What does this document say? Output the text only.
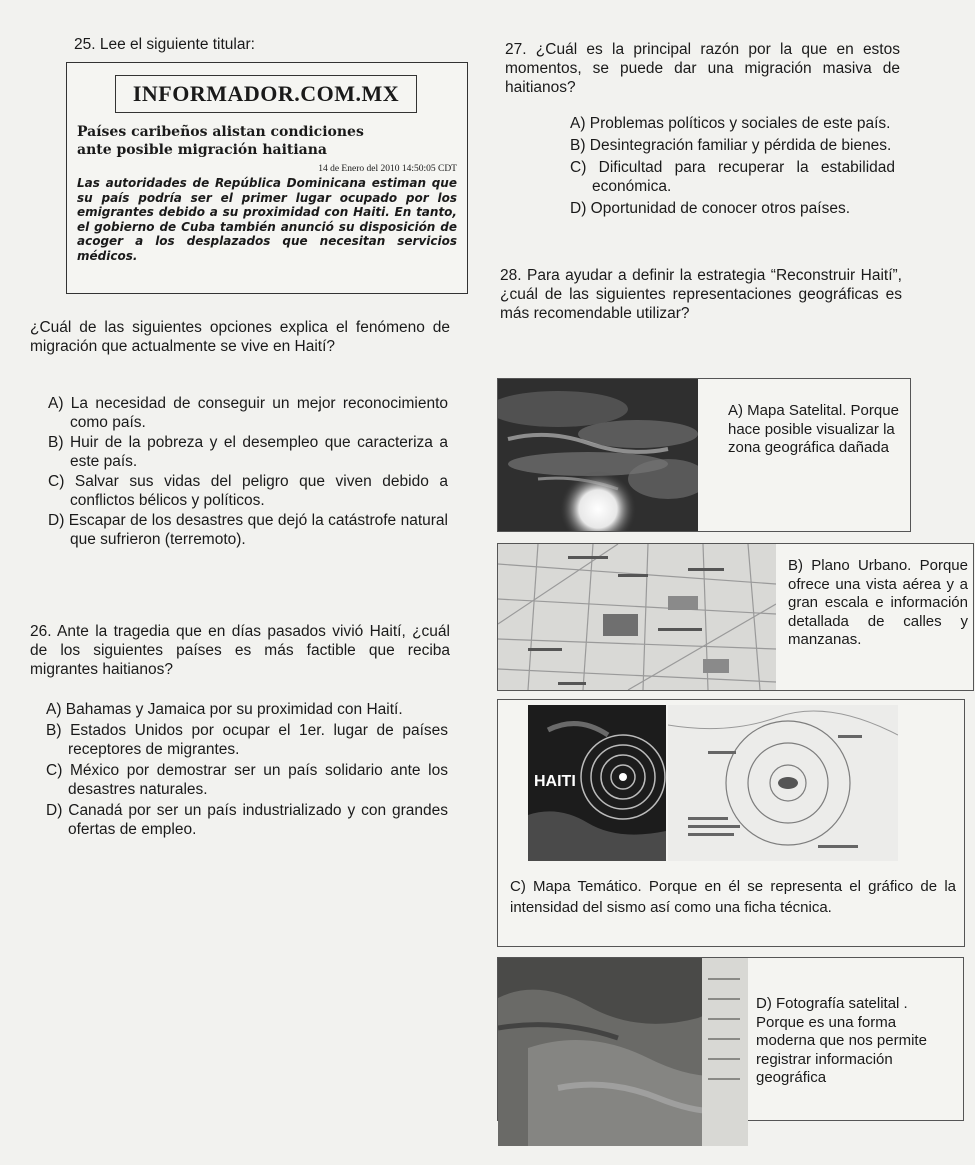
25. Lee el siguiente titular:
INFORMADOR.COM.MX
Países caribeños alistan condiciones
ante posible migración haitiana
14 de Enero del 2010 14:50:05 CDT
Las autoridades de República Dominicana estiman que su país podría ser el primer lugar ocupado por los emigrantes debido a su proximidad con Haiti. En tanto, el gobierno de Cuba también anunció su disposición de acoger a los desplazados que necesitan servicios médicos.
¿Cuál de las siguientes opciones explica el fenómeno de migración que actualmente se vive en Haití?
A) La necesidad de conseguir un mejor reconocimiento como país.
B) Huir de la pobreza y el desempleo que caracteriza a este país.
C) Salvar sus vidas del peligro que viven debido a conflictos bélicos y políticos.
D) Escapar de los desastres que dejó la catástrofe natural que sufrieron (terremoto).
26. Ante la tragedia que en días pasados vivió Haití, ¿cuál de los siguientes países es más factible que reciba migrantes haitianos?
A) Bahamas y Jamaica por su proximidad con Haití.
B) Estados Unidos por ocupar el 1er. lugar de países receptores de migrantes.
C) México por demostrar ser un país solidario ante los desastres naturales.
D) Canadá por ser un país industrializado y con grandes ofertas de empleo.
27. ¿Cuál es la principal razón por la que en estos momentos, se puede dar una migración masiva de haitianos?
A) Problemas políticos y sociales de este país.
B) Desintegración familiar y pérdida de bienes.
C) Dificultad para recuperar la estabilidad económica.
D) Oportunidad de conocer otros países.
28. Para ayudar a definir la estrategia “Reconstruir Haití”, ¿cuál de las siguientes representaciones geográficas es más recomendable utilizar?
A) Mapa Satelital. Porque hace posible visualizar la zona geográfica dañada
B) Plano Urbano. Porque ofrece una vista aérea y a gran escala e información detallada de calles y manzanas.
HAITI
C) Mapa Temático. Porque en él se representa el gráfico de la intensidad del sismo así como una ficha técnica.
D) Fotografía satelital . Porque es una forma moderna que nos permite registrar información geográfica
